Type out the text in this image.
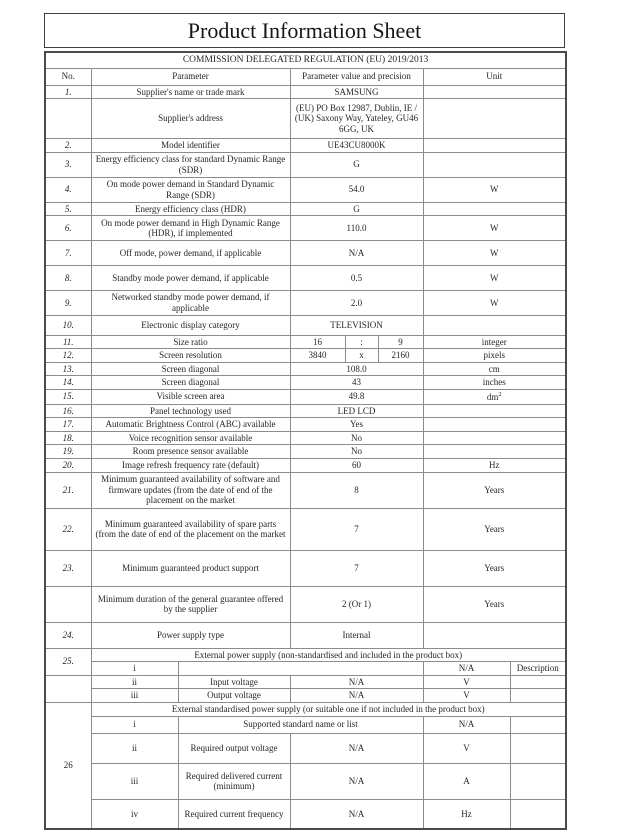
Product Information Sheet
COMMISSION DELEGATED REGULATION (EU) 2019/2013							
No.	Parameter		Parameter value and precision			Unit	
1.	Supplier's name or trade mark		SAMSUNG				
	Supplier's address		(EU) PO Box 12987, Dublin, IE / (UK) Saxony Way, Yateley, GU46 6GG, UK				
2.	Model identifier		UE43CU8000K				
3.	Energy efficiency class for standard Dynamic Range (SDR)		G				
4.	On mode power demand in Standard Dynamic Range (SDR)		54.0			W	
5.	Energy efficiency class (HDR)		G				
6.	On mode power demand in High Dynamic Range (HDR), if implemented		110.0			W	
7.	Off mode, power demand, if applicable		N/A			W	
8.	Standby mode power demand, if applicable		0.5			W	
9.	Networked standby mode power demand, if applicable		2.0			W	
10.	Electronic display category		TELEVISION				
11.	Size ratio		16	:	9	integer	
12.	Screen resolution		3840	x	2160	pixels	
13.	Screen diagonal		108.0			cm	
14.	Screen diagonal		43			inches	
15.	Visible screen area		49.8			$dm^2$
16.	Panel technology used		LED LCD				
17.	Automatic Brightness Control (ABC) available		Yes				
18.	Voice recognition sensor available		No				
19.	Room presence sensor available		No				
20.	Image refresh frequency rate (default)		60			Hz	
21.	Minimum guaranteed availability of software and firmware updates (from the date of end of the placement on the market		8			Years	
22.	Minimum guaranteed availability of spare parts (from the date of end of the placement on the market		7			Years	
23.	Minimum guaranteed product support		7			Years	
	Minimum duration of the general guarantee offered by the supplier		2 (Or 1)			Years	
24.	Power supply type		Internal				
25.	External power supply (non-standardised and included in the product box)						
	i					N/A	Description
	ii	Input voltage	N/A			V	
	iii	Output voltage	N/A			V	
26	External standardised power supply (or suitable one if not included in the product box)						
	i	Supported standard name or list				N/A	
	ii	Required output voltage	N/A			V	
	iii	Required delivered current (minimum)	N/A			A	
	iv	Required current frequency	N/A			Hz	
